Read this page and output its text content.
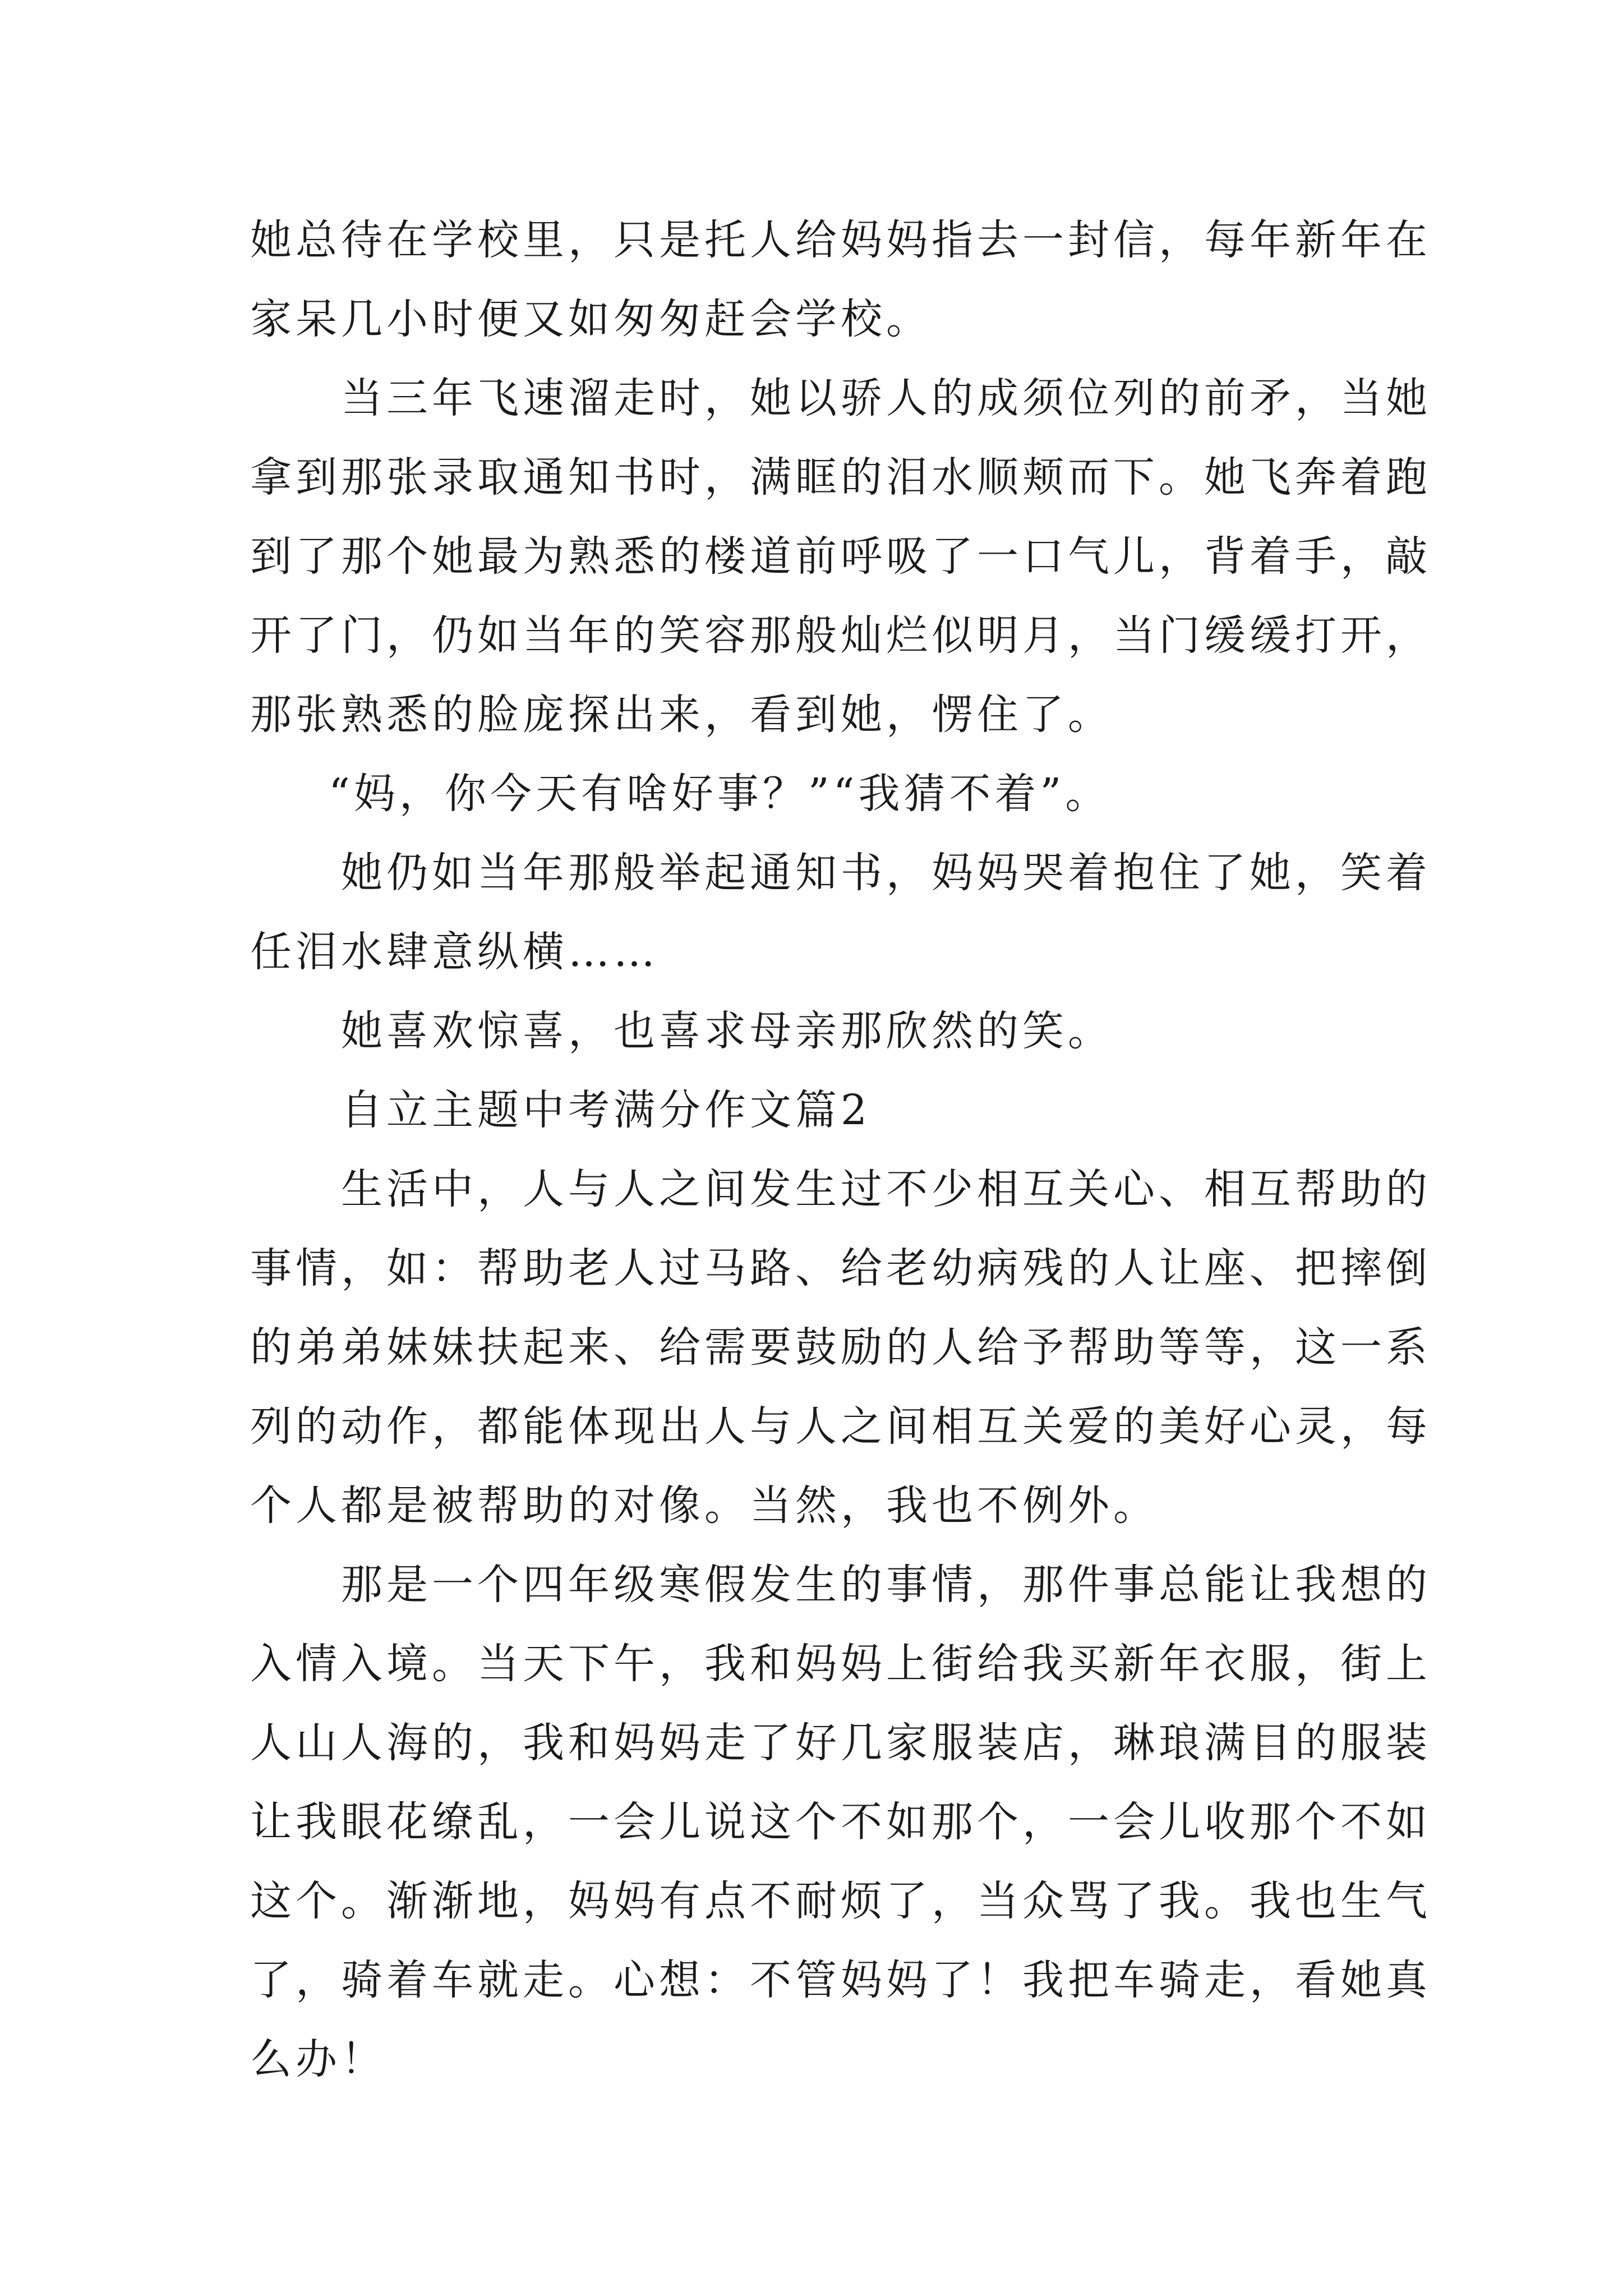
她总待在学校里，只是托人给妈妈指去一封信，每年新年在
家呆几小时便又如匆匆赶会学校。
当三年飞速溜走时，她以骄人的成须位列的前矛，当她
拿到那张录取通知书时，满眶的泪水顺颊而下。她飞奔着跑
到了那个她最为熟悉的楼道前呼吸了一口气儿，背着手，敲
开了门，仍如当年的笑容那般灿烂似明月，当门缓缓打开，
那张熟悉的脸庞探出来，看到她，愣住了。
“妈，你今天有啥好事？”“我猜不着”。
她仍如当年那般举起通知书，妈妈哭着抱住了她，笑着
任泪水肆意纵横……
她喜欢惊喜，也喜求母亲那欣然的笑。
自立主题中考满分作文篇2
生活中，人与人之间发生过不少相互关心、相互帮助的
事情，如：帮助老人过马路、给老幼病残的人让座、把摔倒
的弟弟妹妹扶起来、给需要鼓励的人给予帮助等等，这一系
列的动作，都能体现出人与人之间相互关爱的美好心灵，每
个人都是被帮助的对像。当然，我也不例外。
那是一个四年级寒假发生的事情，那件事总能让我想的
入情入境。当天下午，我和妈妈上街给我买新年衣服，街上
人山人海的，我和妈妈走了好几家服装店，琳琅满目的服装
让我眼花缭乱，一会儿说这个不如那个，一会儿收那个不如
这个。渐渐地，妈妈有点不耐烦了，当众骂了我。我也生气
了，骑着车就走。心想：不管妈妈了！我把车骑走，看她真
么办！
